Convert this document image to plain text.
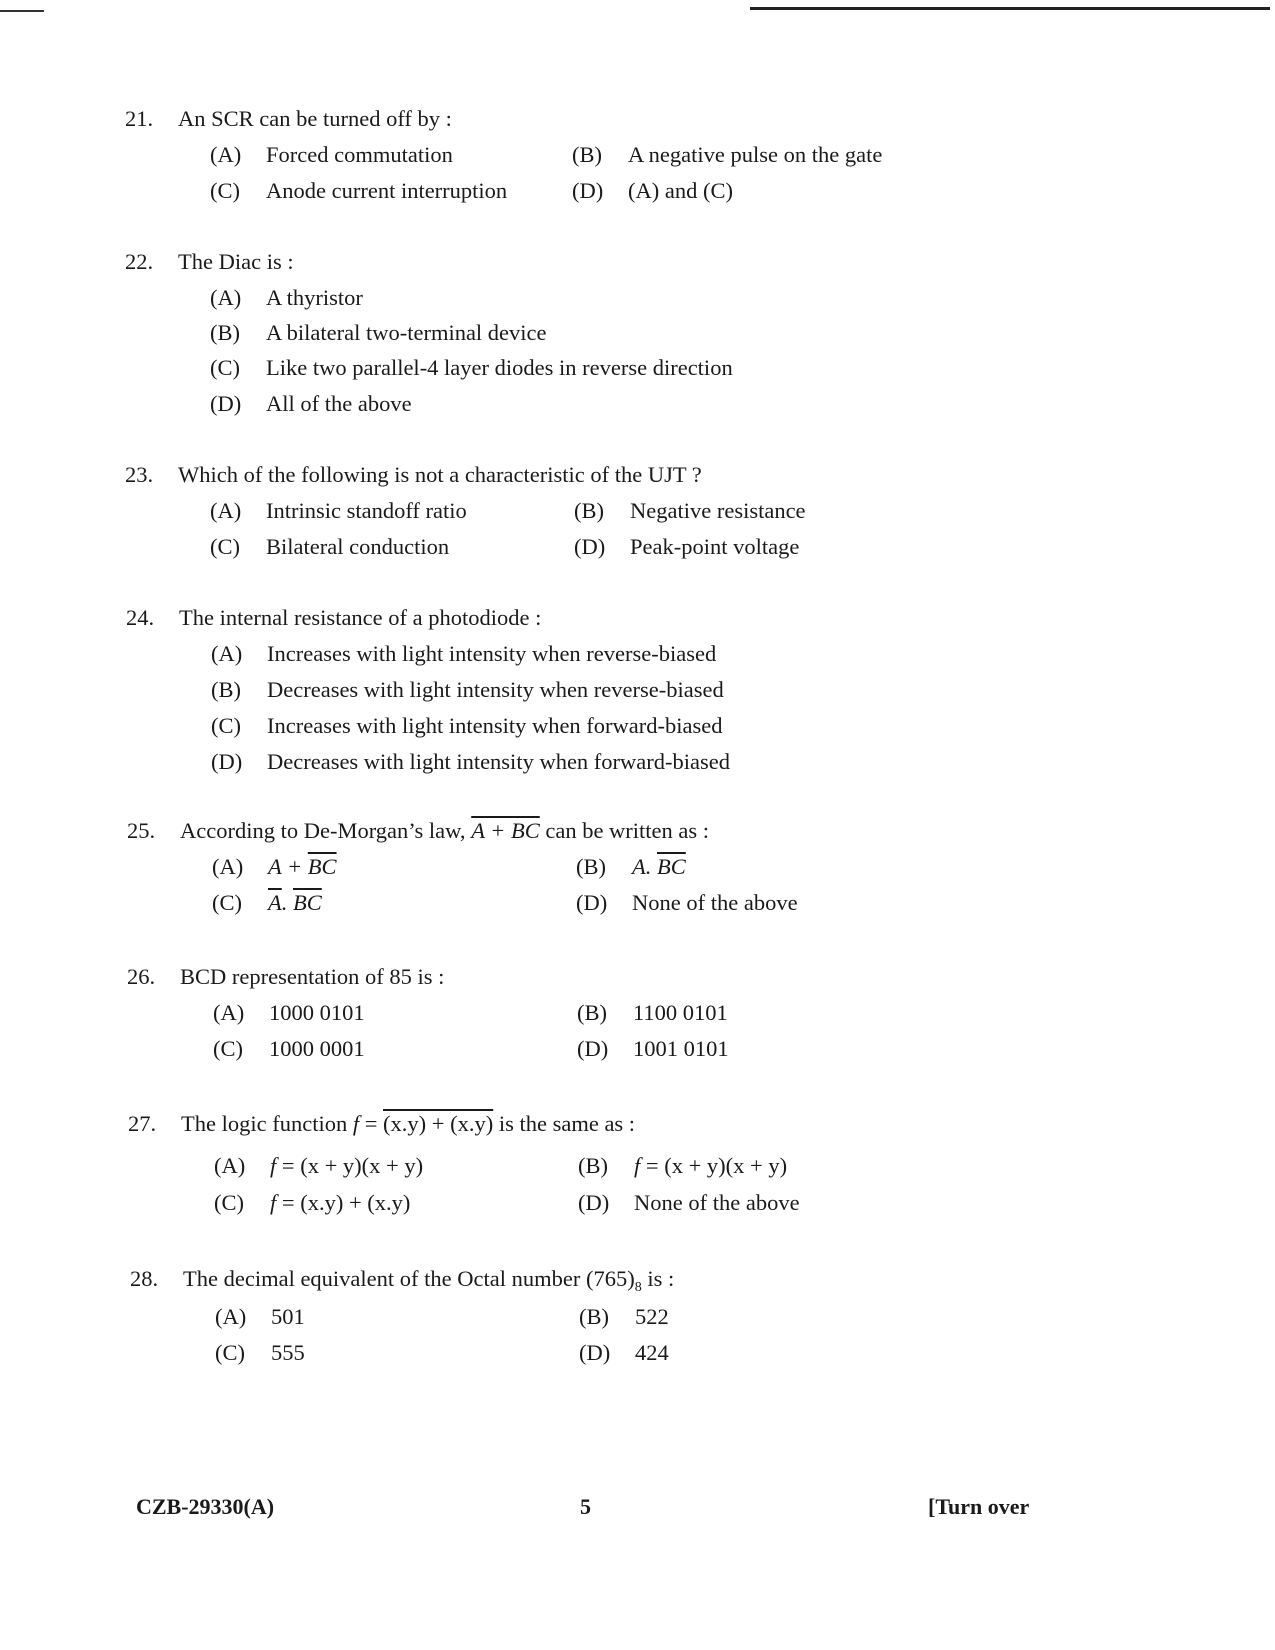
21.	An SCR can be turned off by :
(A) Forced commutation	(B) A negative pulse on the gate
(C) Anode current interruption	(D) (A) and (C)
22.	The Diac is :
(A) A thyristor
(B) A bilateral two-terminal device
(C) Like two parallel-4 layer diodes in reverse direction
(D) All of the above
23.	Which of the following is not a characteristic of the UJT ?
(A) Intrinsic standoff ratio	(B) Negative resistance
(C) Bilateral conduction	(D) Peak-point voltage
24.	The internal resistance of a photodiode :
(A) Increases with light intensity when reverse-biased
(B) Decreases with light intensity when reverse-biased
(C) Increases with light intensity when forward-biased
(D) Decreases with light intensity when forward-biased
25.	According to De-Morgan’s law, A + BC can be written as :
(A) $A + \overline{BC}$	(B) A. $\overline{BC}$
(C) $\overline{A}$. $\overline{BC}$	(D) None of the above
26.	BCD representation of 85 is :
(A) 1000 0101	(B) 1100 0101
(C) 1000 0001	(D) 1001 0101
27.	The logic function f = (x.y) + (x.y) is the same as :
(A) f = (x + y)(x + y)	(B) f = (x + y)(x + y)
(C) f = (x.y) + (x.y)	(D) None of the above
28.	The decimal equivalent of the Octal number $(765)_8$ is :
(A) 501	(B) 522
(C) 555	(D) 424
CZB-29330(A)	5	[Turn over
